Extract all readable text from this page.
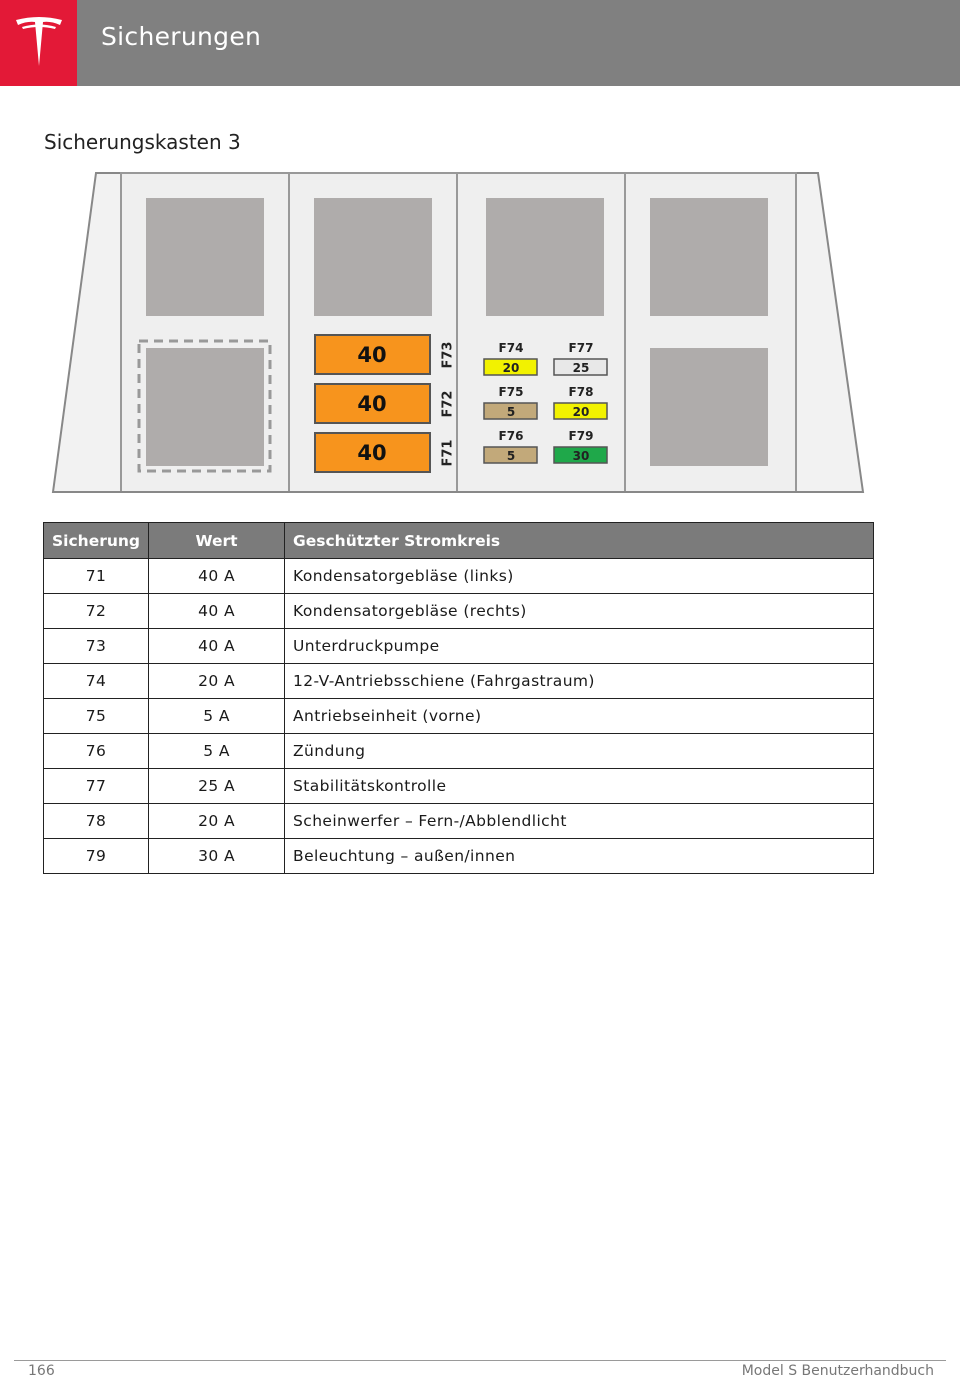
Sicherungen
Sicherungskasten 3
40	F73
40	F72
40	F71
F74
20
F77
25
F75
5
F78
20
F76
5
F79
30
Sicherung	Wert	Geschützter Stromkreis
71	40 A	Kondensatorgebläse (links)
72	40 A	Kondensatorgebläse (rechts)
73	40 A	Unterdruckpumpe
74	20 A	12-V-Antriebsschiene (Fahrgastraum)
75	5 A	Antriebseinheit (vorne)
76	5 A	Zündung
77	25 A	Stabilitätskontrolle
78	20 A	Scheinwerfer – Fern-/Abblendlicht
79	30 A	Beleuchtung – außen/innen
166	Model S Benutzerhandbuch
